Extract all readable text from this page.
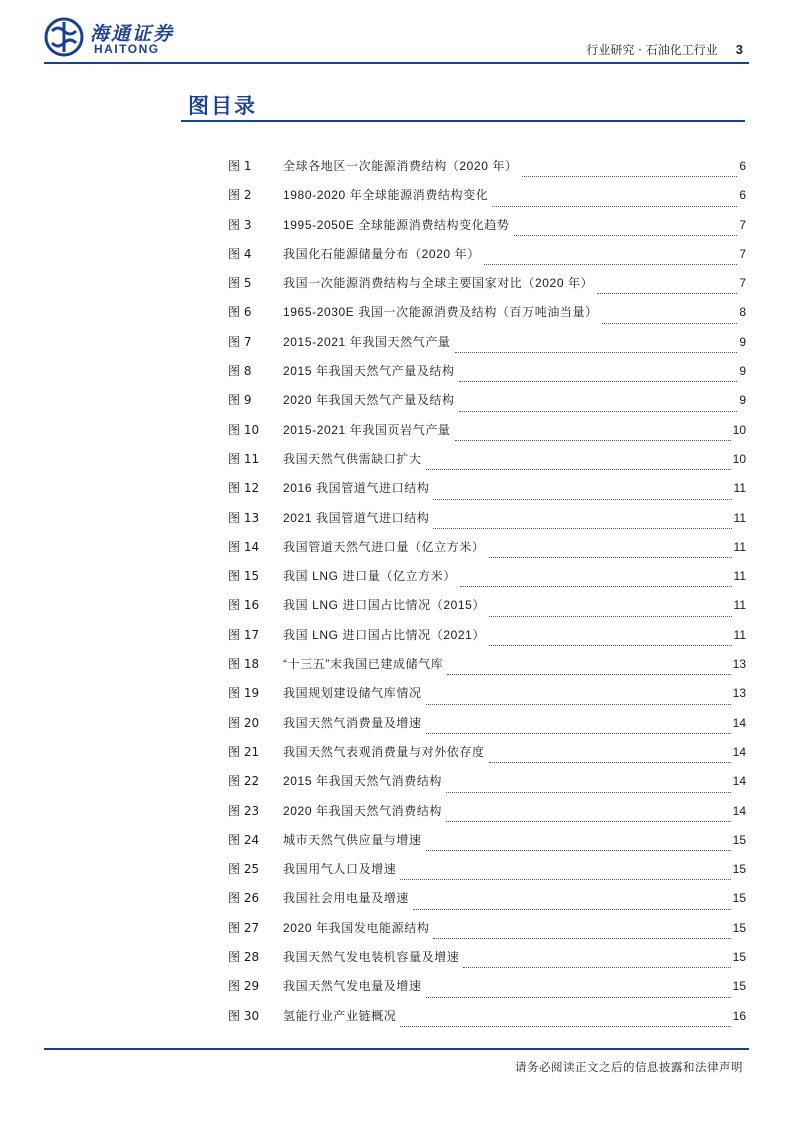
海通证券
HAITONG	行业研究 · 石油化工行业 3
图目录
图 1	全球各地区一次能源消费结构（2020 年）	6
图 2	1980-2020 年全球能源消费结构变化	6
图 3	1995-2050E 全球能源消费结构变化趋势	7
图 4	我国化石能源储量分布（2020 年）	7
图 5	我国一次能源消费结构与全球主要国家对比（2020 年）	7
图 6	1965-2030E 我国一次能源消费及结构（百万吨油当量）	8
图 7	2015-2021 年我国天然气产量	9
图 8	2015 年我国天然气产量及结构	9
图 9	2020 年我国天然气产量及结构	9
图 10	2015-2021 年我国页岩气产量	10
图 11	我国天然气供需缺口扩大	10
图 12	2016 我国管道气进口结构	11
图 13	2021 我国管道气进口结构	11
图 14	我国管道天然气进口量（亿立方米）	11
图 15	我国 LNG 进口量（亿立方米）	11
图 16	我国 LNG 进口国占比情况（2015）	11
图 17	我国 LNG 进口国占比情况（2021）	11
图 18	“十三五”末我国已建成储气库	13
图 19	我国规划建设储气库情况	13
图 20	我国天然气消费量及增速	14
图 21	我国天然气表观消费量与对外依存度	14
图 22	2015 年我国天然气消费结构	14
图 23	2020 年我国天然气消费结构	14
图 24	城市天然气供应量与增速	15
图 25	我国用气人口及增速	15
图 26	我国社会用电量及增速	15
图 27	2020 年我国发电能源结构	15
图 28	我国天然气发电装机容量及增速	15
图 29	我国天然气发电量及增速	15
图 30	氢能行业产业链概况	16
请务必阅读正文之后的信息披露和法律声明
